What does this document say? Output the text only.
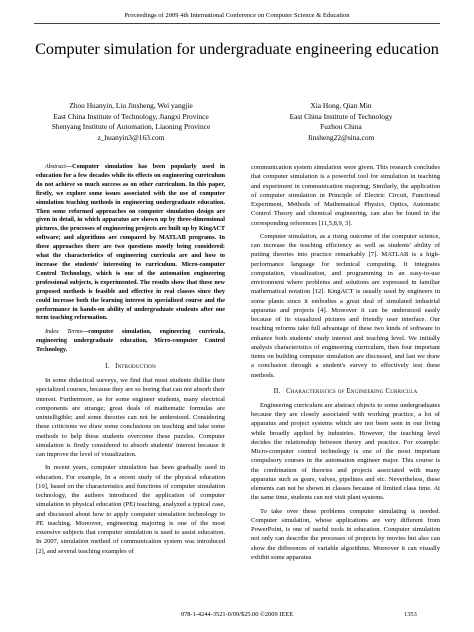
Proceedings of 2009 4th International Conference on Computer Science & Education
Computer simulation for undergraduate engineering education
Zhou Huanyin, Liu Jinsheng, Wei yangjie
East China Institute of Technology, Jiangxi Province
Shenyang Institute of Automation, Liaoning Province
z_huanyin3@163.com
Xia Hong, Qian Min
East China Institute of Technology
Fuzhou China
Jinsheng22@sina.com

Abstract—Computer simulation has been popularly used in education for a few decades while its effects on engineering curriculum do not achieve so much success as on other curriculum. In this paper, firstly, we explore some issues associated with the use of computer simulation teaching methods in engineering undergraduate education. Then some reformed approaches on computer simulation design are given in detail, in which apparatus are shown up by three-dimensional pictures, the processes of engineering projects are built up by KingACT software; and algorithms are compared by MATLAB programs. In these approaches there are two questions mostly being considered: what the characteristics of engineering curricula are and how to increase the students' interesting to curriculum. Micro-computer Control Technology, which is one of the automation engineering professional subjects, is experimented. The results show that these new proposed methods is feasible and effective in real classes since they could increase both the learning interest in specialized course and the performance in hands-on ability of undergraduate students after one term teaching reformation.

Index Terms—computer simulation, engineering curricula, engineering undergraduate education, Micro-computer Control Technology.

I. Introduction

In some didactical surveys, we find that most students dislike their specialized courses, because they are so boring that can not absorb their interest. Furthermore, as for some engineer students, many electrical components are strange; great deals of mathematic formulas are unintelligible; and some theories can not be understood. Considering these criticisms we draw some conclusions on teaching and take some methods to help these students overcome these puzzles. Computer simulation is firstly considered to absorb students' interest because it can improve the level of visualization.

In recent years, computer simulation has been gradually used in education. For example, In a recent study of the physical education [10], based on the characteristics and functions of computer simulation technology, the authors introduced the application of computer simulation to physical education (PE) teaching, analyzed a typical case, and discussed about how to apply computer simulation technology to PE teaching. Moreover, engineering majoring is one of the most extensive subjects that computer simulation is used to assist education. In 2007, simulation method of communication system was introduced [2], and several teaching examples of

communication system simulation were given. This research concludes that computer simulation is a powerful tool for simulation in teaching and experiment in communication majoring; Similarly, the application of computer simulation in Principle of Electric Circuit, Functional Experiment, Methods of Mathematical Physics, Optics, Automatic Control Theory and chemical engineering, can also be found in the corresponding references [11,5,8,9, 3].

Computer simulation, as a rising outcome of the computer science, can increase the teaching efficiency as well as students' ability of putting theories into practice remarkably [7]. MATLAB is a high-performance language for technical computing. It integrates computation, visualization, and programming in an easy-to-use environment where problems and solutions are expressed in familiar mathematical notation [12]. KingACT is usually used by engineers in some plants since it embodies a great deal of simulated industrial apparatus and projects [4]. Moreover it can be understood easily because of its visualized pictures and friendly user interface. Our teaching reforms take full advantage of these two kinds of software to enhance both students' study interest and teaching level. We initially analysis characteristics of engineering curriculum, then four important items on building computer simulation are discussed, and last we draw a conclusion through a student's survey to effectively test these methods.

II. Characteristics of Engineering Curricula

Engineering curriculum are abstract objects to some undergraduates because they are closely associated with working practice, a lot of apparatus and project systems which are not been seen in our living while broadly applied by industries. However, the teaching level decides the relationship between theory and practice. For example: Micro-computer control technology is one of the most important compulsory courses in the automation engineer major. This course is the combination of theories and projects associated with many apparatus such as gears, valves, pipelines and etc. Nevertheless, these elements can not be shown in classes because of limited class time. At the same time, students can not visit plant systems.

To take over these problems computer simulating is needed. Computer simulation, whose applications are very different from PowerPoint, is one of useful tools in education. Computer simulation not only can describe the processes of projects by movies but also can show the differences of variable algorithms. Moreover it can visually exhibit some apparatus

978-1-4244-3521-0/09/$25.00 ©2009 IEEE	1353
